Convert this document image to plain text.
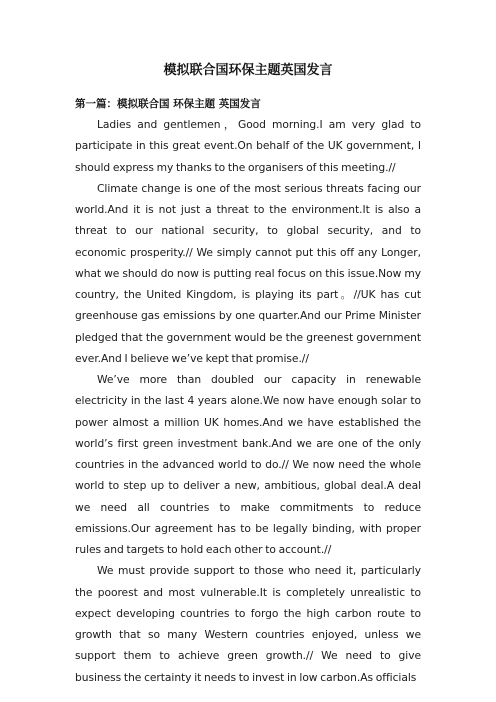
模拟联合国环保主题英国发言
第一篇：模拟联合国 环保主题 英国发言

Ladies and gentlemen，Good morning.I am very glad to participate in this great event.On behalf of the UK government, I should express my thanks to the organisers of this meeting.//

Climate change is one of the most serious threats facing our world.And it is not just a threat to the environment.It is also a threat to our national security, to global security, and to economic prosperity.// We simply cannot put this off any Longer, what we should do now is putting real focus on this issue.Now my country, the United Kingdom, is playing its part。//UK has cut greenhouse gas emissions by one quarter.And our Prime Minister pledged that the government would be the greenest government ever.And I believe we’ve kept that promise.//

We’ve more than doubled our capacity in renewable electricity in the last 4 years alone.We now have enough solar to power almost a million UK homes.And we have established the world’s first green investment bank.And we are one of the only countries in the advanced world to do.// We now need the whole world to step up to deliver a new, ambitious, global deal.A deal we need all countries to make commitments to reduce emissions.Our agreement has to be legally binding, with proper rules and targets to hold each other to account.//

We must provide support to those who need it, particularly the poorest and most vulnerable.It is completely unrealistic to expect developing countries to forgo the high carbon route to growth that so many Western countries enjoyed, unless we support them to achieve green growth.// We need to give business the certainty it needs to invest in low carbon.As officials
